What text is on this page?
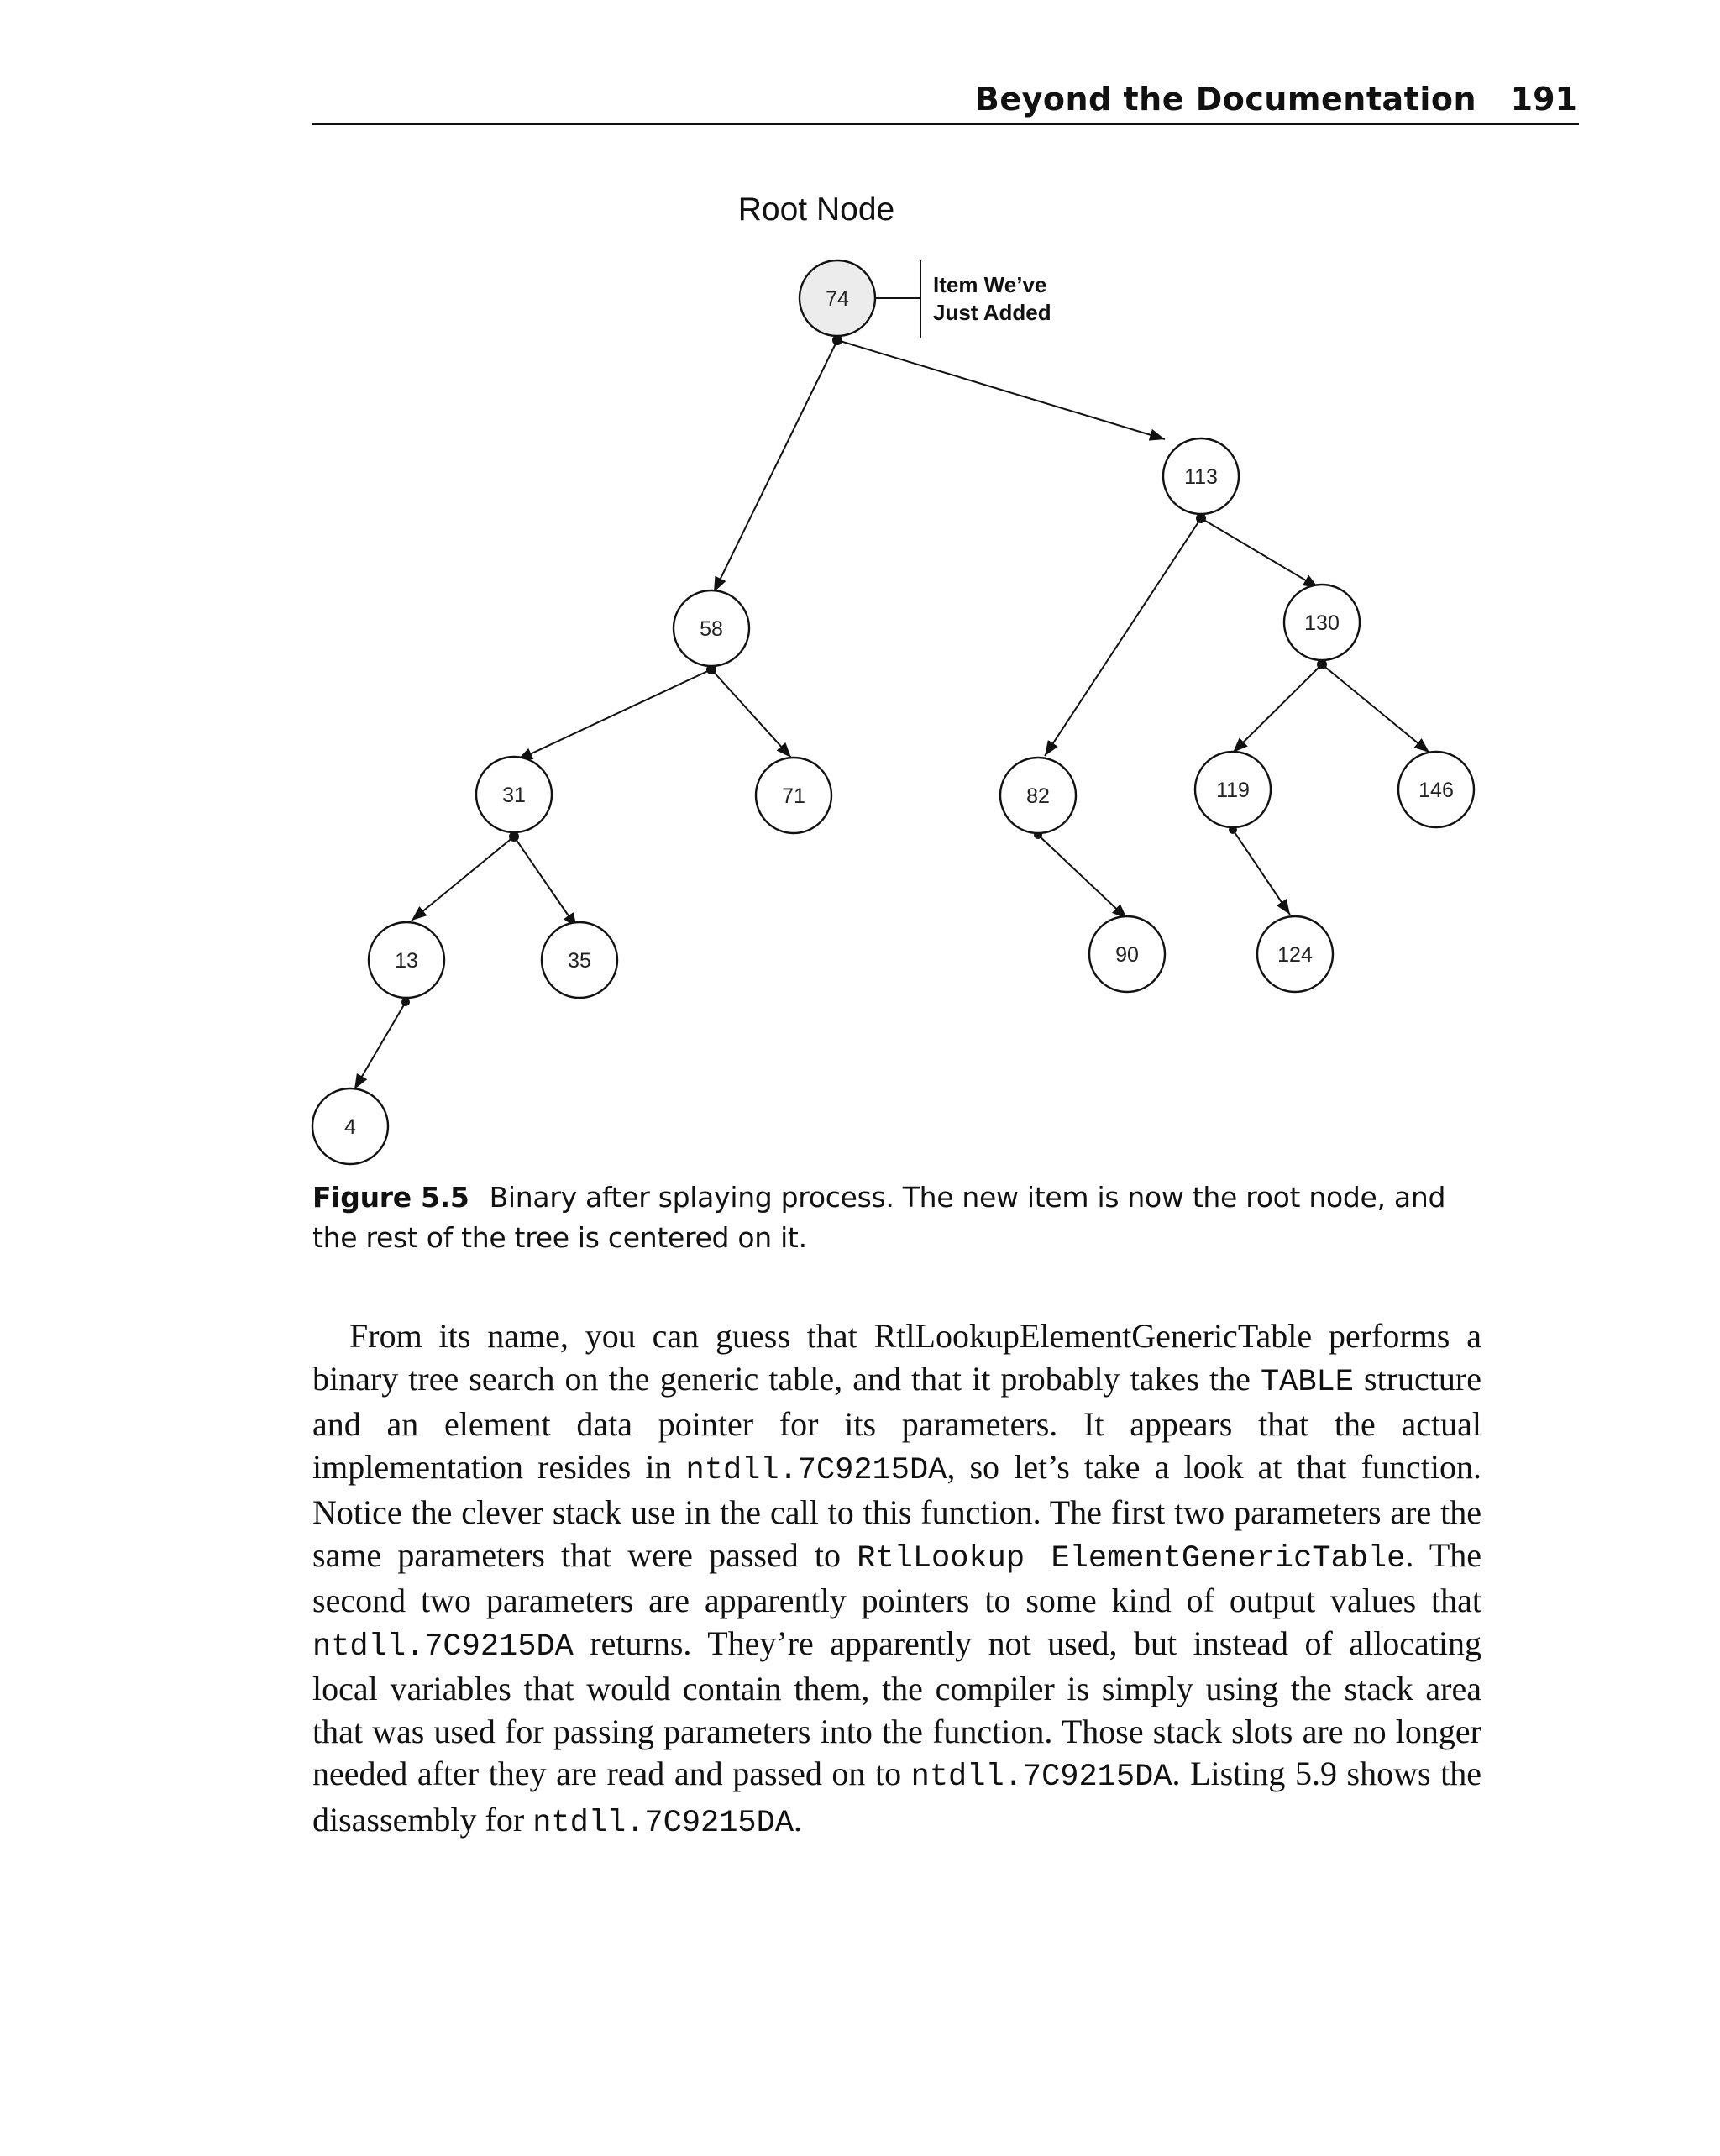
Beyond the Documentation 191
Root Node
Item We’ve
Just Added
74
113
58	130
31	71	82	119	146
13	35	90	124
4
Figure 5.5 Binary after splaying process. The new item is now the root node, and the rest of the tree is centered on it.

From its name, you can guess that RtlLookupElementGenericTable performs a binary tree search on the generic table, and that it probably takes the TABLE structure and an element data pointer for its parameters. It appears that the actual implementation resides in ntdll.7C9215DA, so let’s take a look at that function. Notice the clever stack use in the call to this function. The first two parameters are the same parameters that were passed to RtlLookup ElementGenericTable. The second two parameters are apparently pointers to some kind of output values that ntdll.7C9215DA returns. They’re apparently not used, but instead of allocating local variables that would contain them, the compiler is simply using the stack area that was used for passing parameters into the function. Those stack slots are no longer needed after they are read and passed on to ntdll.7C9215DA. Listing 5.9 shows the disassembly for ntdll.7C9215DA.
